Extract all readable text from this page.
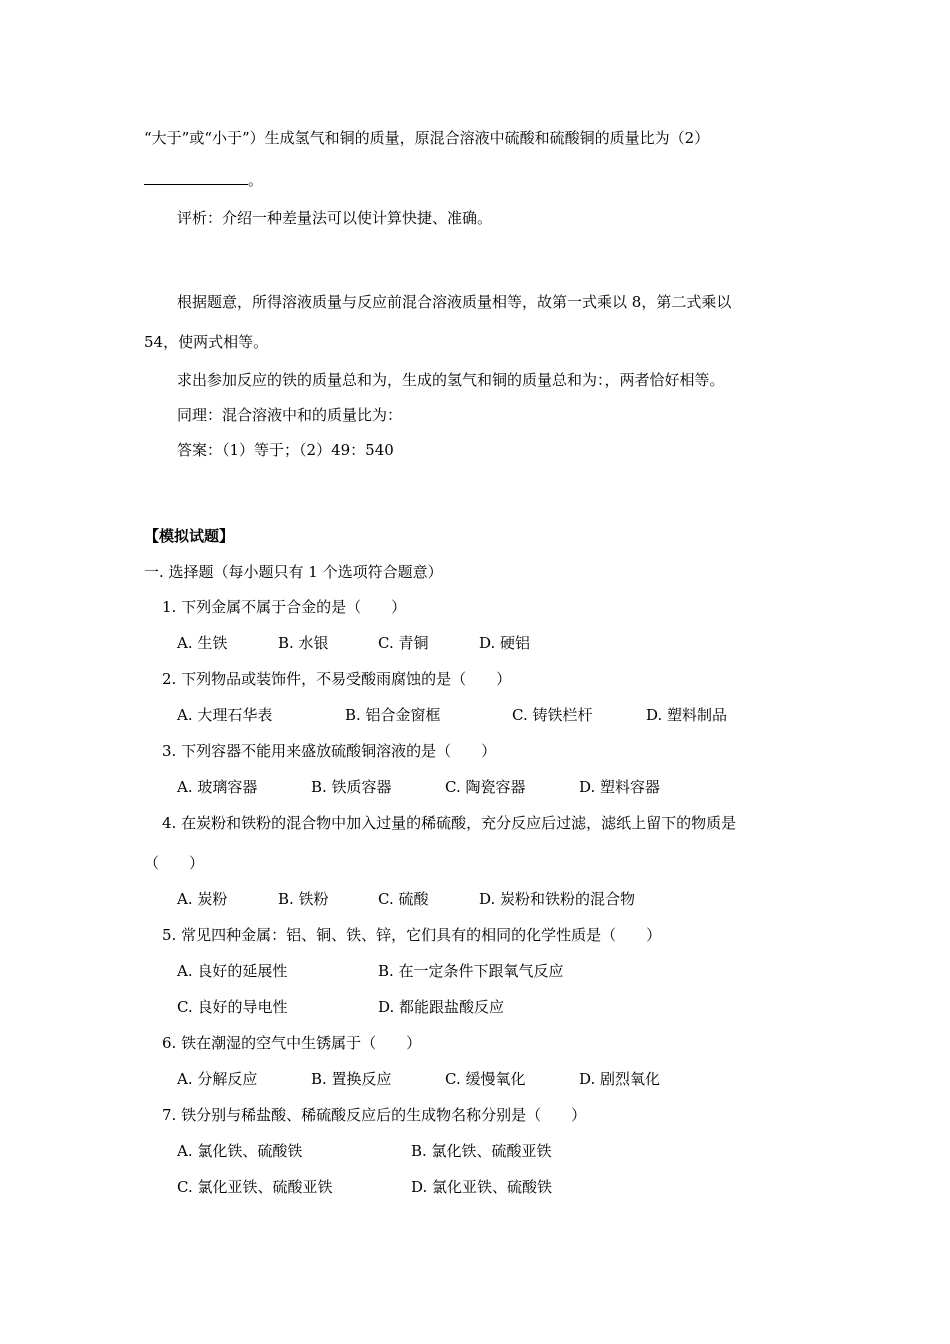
“大于”或“小于”）生成氢气和铜的质量，原混合溶液中硫酸和硫酸铜的质量比为（2）
。
评析：介绍一种差量法可以使计算快捷、准确。
根据题意，所得溶液质量与反应前混合溶液质量相等，故第一式乘以 8，第二式乘以
54，使两式相等。
求出参加反应的铁的质量总和为，生成的氢气和铜的质量总和为：，两者恰好相等。
同理：混合溶液中和的质量比为：
答案：（1）等于；（2）49：540
【模拟试题】
一. 选择题（每小题只有 1 个选项符合题意）
1. 下列金属不属于合金的是（　　）
A. 生铁	B. 水银	C. 青铜	D. 硬铝
2. 下列物品或装饰件，不易受酸雨腐蚀的是（　　）
A. 大理石华表	B. 铝合金窗框	C. 铸铁栏杆	D. 塑料制品
3. 下列容器不能用来盛放硫酸铜溶液的是（　　）
A. 玻璃容器	B. 铁质容器	C. 陶瓷容器	D. 塑料容器
4. 在炭粉和铁粉的混合物中加入过量的稀硫酸，充分反应后过滤，滤纸上留下的物质是
（　　）
A. 炭粉	B. 铁粉	C. 硫酸	D. 炭粉和铁粉的混合物
5. 常见四种金属：铝、铜、铁、锌，它们具有的相同的化学性质是（　　）
A. 良好的延展性	B. 在一定条件下跟氧气反应
C. 良好的导电性	D. 都能跟盐酸反应
6. 铁在潮湿的空气中生锈属于（　　）
A. 分解反应	B. 置换反应	C. 缓慢氧化	D. 剧烈氧化
7. 铁分别与稀盐酸、稀硫酸反应后的生成物名称分别是（　　）
A. 氯化铁、硫酸铁	B. 氯化铁、硫酸亚铁
C. 氯化亚铁、硫酸亚铁	D. 氯化亚铁、硫酸铁
